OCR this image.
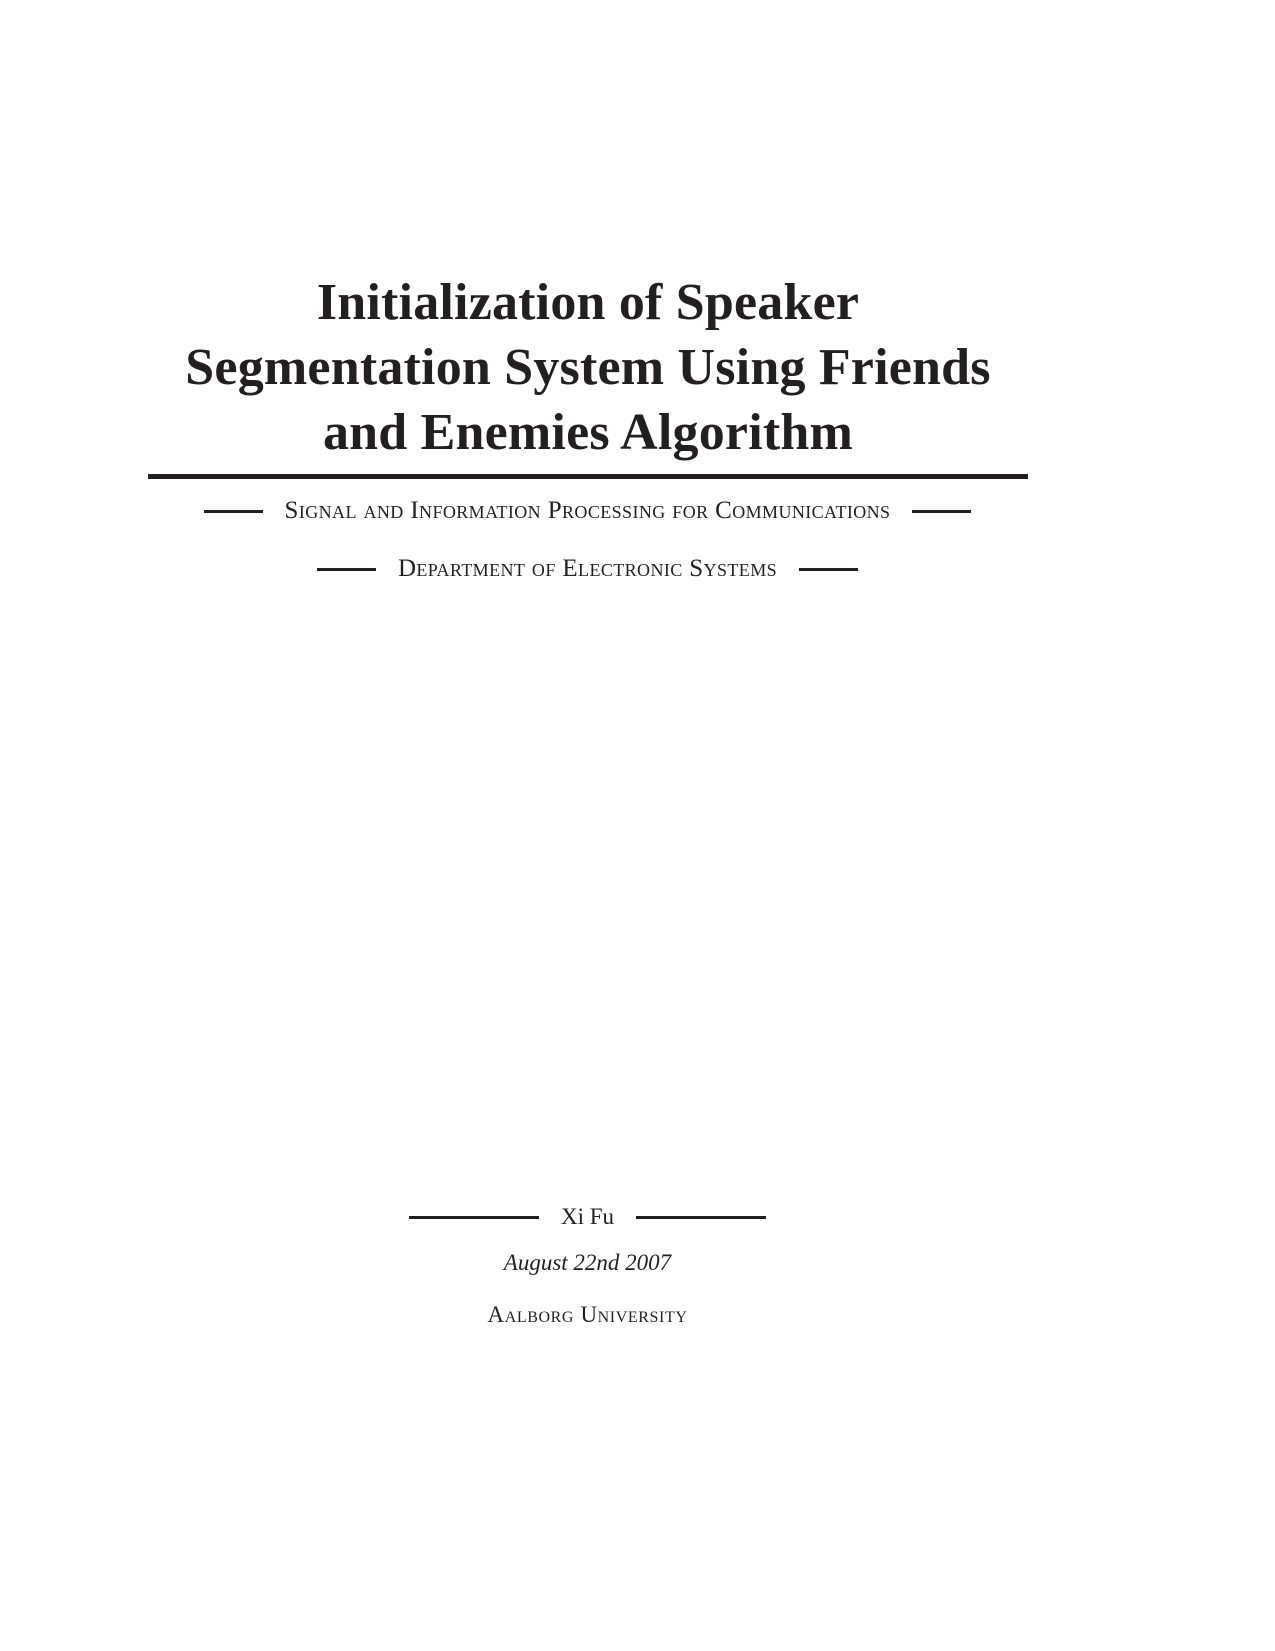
Initialization of Speaker
Segmentation System Using Friends
and Enemies Algorithm
Signal and Information Processing for Communications
Department of Electronic Systems
Xi Fu
August 22nd 2007
Aalborg University
